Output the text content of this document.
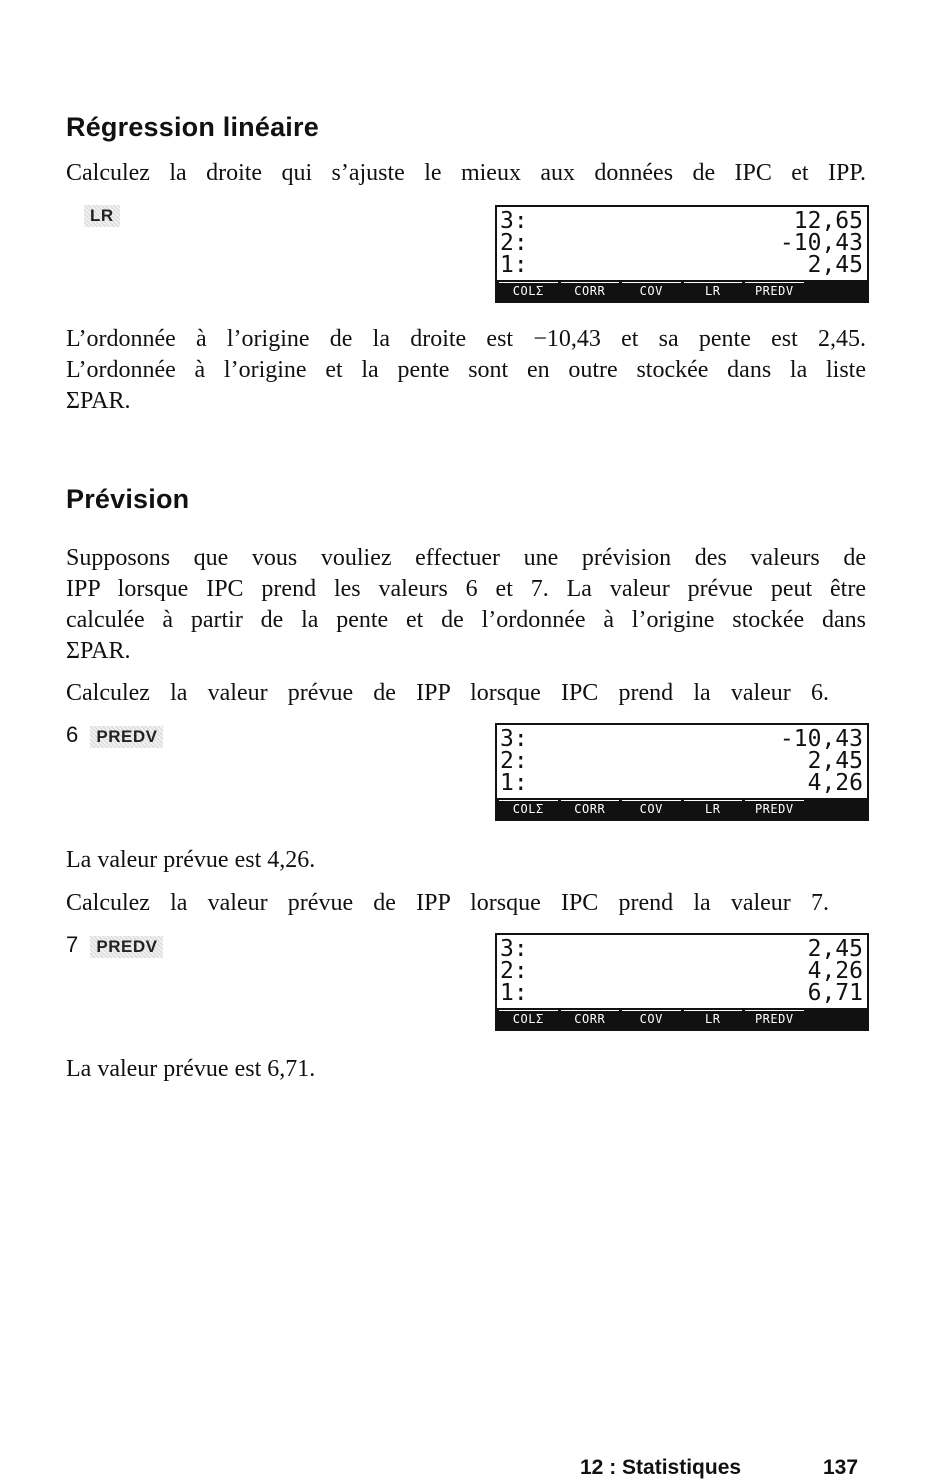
Régression linéaire

Calculez la droite qui s’ajuste le mieux aux données de IPC et IPP.

LR	3:	12,65
2:	-10,43
1:	2,45
COLΣ	CORR	COV	LR	PREDV
L’ordonnée à l’origine de la droite est −10,43 et sa pente est 2,45.
L’ordonnée à l’origine et la pente sont en outre stockée dans la liste
ΣPAR.
Prévision
Supposons que vous vouliez effectuer une prévision des valeurs de
IPP lorsque IPC prend les valeurs 6 et 7. La valeur prévue peut être
calculée à partir de la pente et de l’ordonnée à l’origine stockée dans
ΣPAR.

Calculez la valeur prévue de IPP lorsque IPC prend la valeur 6.

6 PREDV	3:	-10,43
2:	2,45
1:	4,26
COLΣ	CORR	COV	LR	PREDV

La valeur prévue est 4,26.

Calculez la valeur prévue de IPP lorsque IPC prend la valeur 7.

7 PREDV	3:	2,45
2:	4,26
1:	6,71
COLΣ	CORR	COV	LR	PREDV

La valeur prévue est 6,71.

12 : Statistiques	137
